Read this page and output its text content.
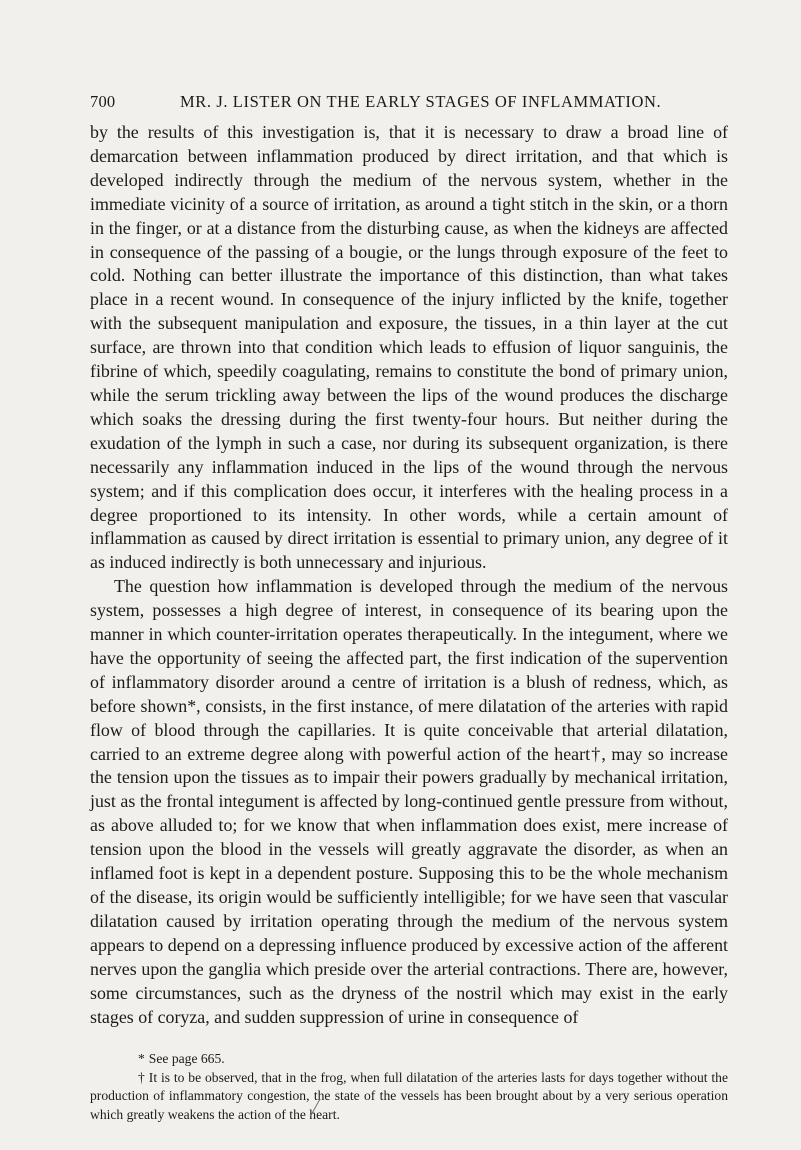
700	MR. J. LISTER ON THE EARLY STAGES OF INFLAMMATION.

by the results of this investigation is, that it is necessary to draw a broad line of demarcation between inflammation produced by direct irritation, and that which is developed indirectly through the medium of the nervous system, whether in the immediate vicinity of a source of irritation, as around a tight stitch in the skin, or a thorn in the finger, or at a distance from the disturbing cause, as when the kidneys are affected in consequence of the passing of a bougie, or the lungs through exposure of the feet to cold. Nothing can better illustrate the importance of this distinction, than what takes place in a recent wound. In consequence of the injury inflicted by the knife, together with the subsequent manipulation and exposure, the tissues, in a thin layer at the cut surface, are thrown into that condition which leads to effusion of liquor sanguinis, the fibrine of which, speedily coagulating, remains to constitute the bond of primary union, while the serum trickling away between the lips of the wound produces the discharge which soaks the dressing during the first twenty-four hours. But neither during the exudation of the lymph in such a case, nor during its subsequent organization, is there necessarily any inflammation induced in the lips of the wound through the nervous system; and if this complication does occur, it interferes with the healing process in a degree proportioned to its intensity. In other words, while a certain amount of inflammation as caused by direct irritation is essential to primary union, any degree of it as induced indirectly is both unnecessary and injurious.

The question how inflammation is developed through the medium of the nervous system, possesses a high degree of interest, in consequence of its bearing upon the manner in which counter-irritation operates therapeutically. In the integument, where we have the opportunity of seeing the affected part, the first indication of the supervention of inflammatory disorder around a centre of irritation is a blush of redness, which, as before shown*, consists, in the first instance, of mere dilatation of the arteries with rapid flow of blood through the capillaries. It is quite conceivable that arterial dilatation, carried to an extreme degree along with powerful action of the heart†, may so increase the tension upon the tissues as to impair their powers gradually by mechanical irritation, just as the frontal integument is affected by long-continued gentle pressure from without, as above alluded to; for we know that when inflammation does exist, mere increase of tension upon the blood in the vessels will greatly aggravate the disorder, as when an inflamed foot is kept in a dependent posture. Supposing this to be the whole mechanism of the disease, its origin would be sufficiently intelligible; for we have seen that vascular dilatation caused by irritation operating through the medium of the nervous system appears to depend on a depressing influence produced by excessive action of the afferent nerves upon the ganglia which preside over the arterial contractions. There are, however, some circumstances, such as the dryness of the nostril which may exist in the early stages of coryza, and sudden suppression of urine in consequence of

* See page 665.

† It is to be observed, that in the frog, when full dilatation of the arteries lasts for days together without the production of inflammatory congestion, the state of the vessels has been brought about by a very serious operation which greatly weakens the action of the heart.
